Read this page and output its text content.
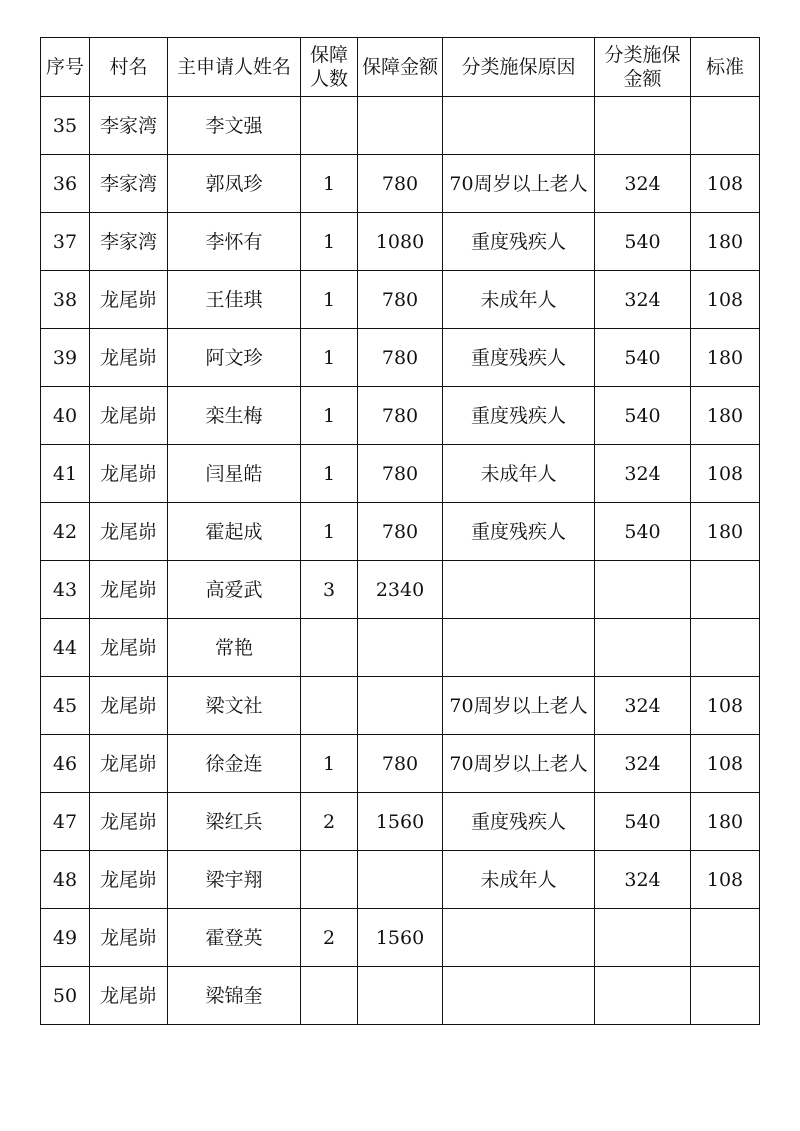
序号	村名	主申请人姓名	保障人数	保障金额	分类施保原因	分类施保金额	标准
35	李家湾	李文强					
36	李家湾	郭凤珍	1	780	70周岁以上老人	324	108
37	李家湾	李怀有	1	1080	重度残疾人	540	180
38	龙尾峁	王佳琪	1	780	未成年人	324	108
39	龙尾峁	阿文珍	1	780	重度残疾人	540	180
40	龙尾峁	栾生梅	1	780	重度残疾人	540	180
41	龙尾峁	闫星皓	1	780	未成年人	324	108
42	龙尾峁	霍起成	1	780	重度残疾人	540	180
43	龙尾峁	高爱武	3	2340			
44	龙尾峁	常艳					
45	龙尾峁	梁文社			70周岁以上老人	324	108
46	龙尾峁	徐金连	1	780	70周岁以上老人	324	108
47	龙尾峁	梁红兵	2	1560	重度残疾人	540	180
48	龙尾峁	梁宇翔			未成年人	324	108
49	龙尾峁	霍登英	2	1560			
50	龙尾峁	梁锦奎					
